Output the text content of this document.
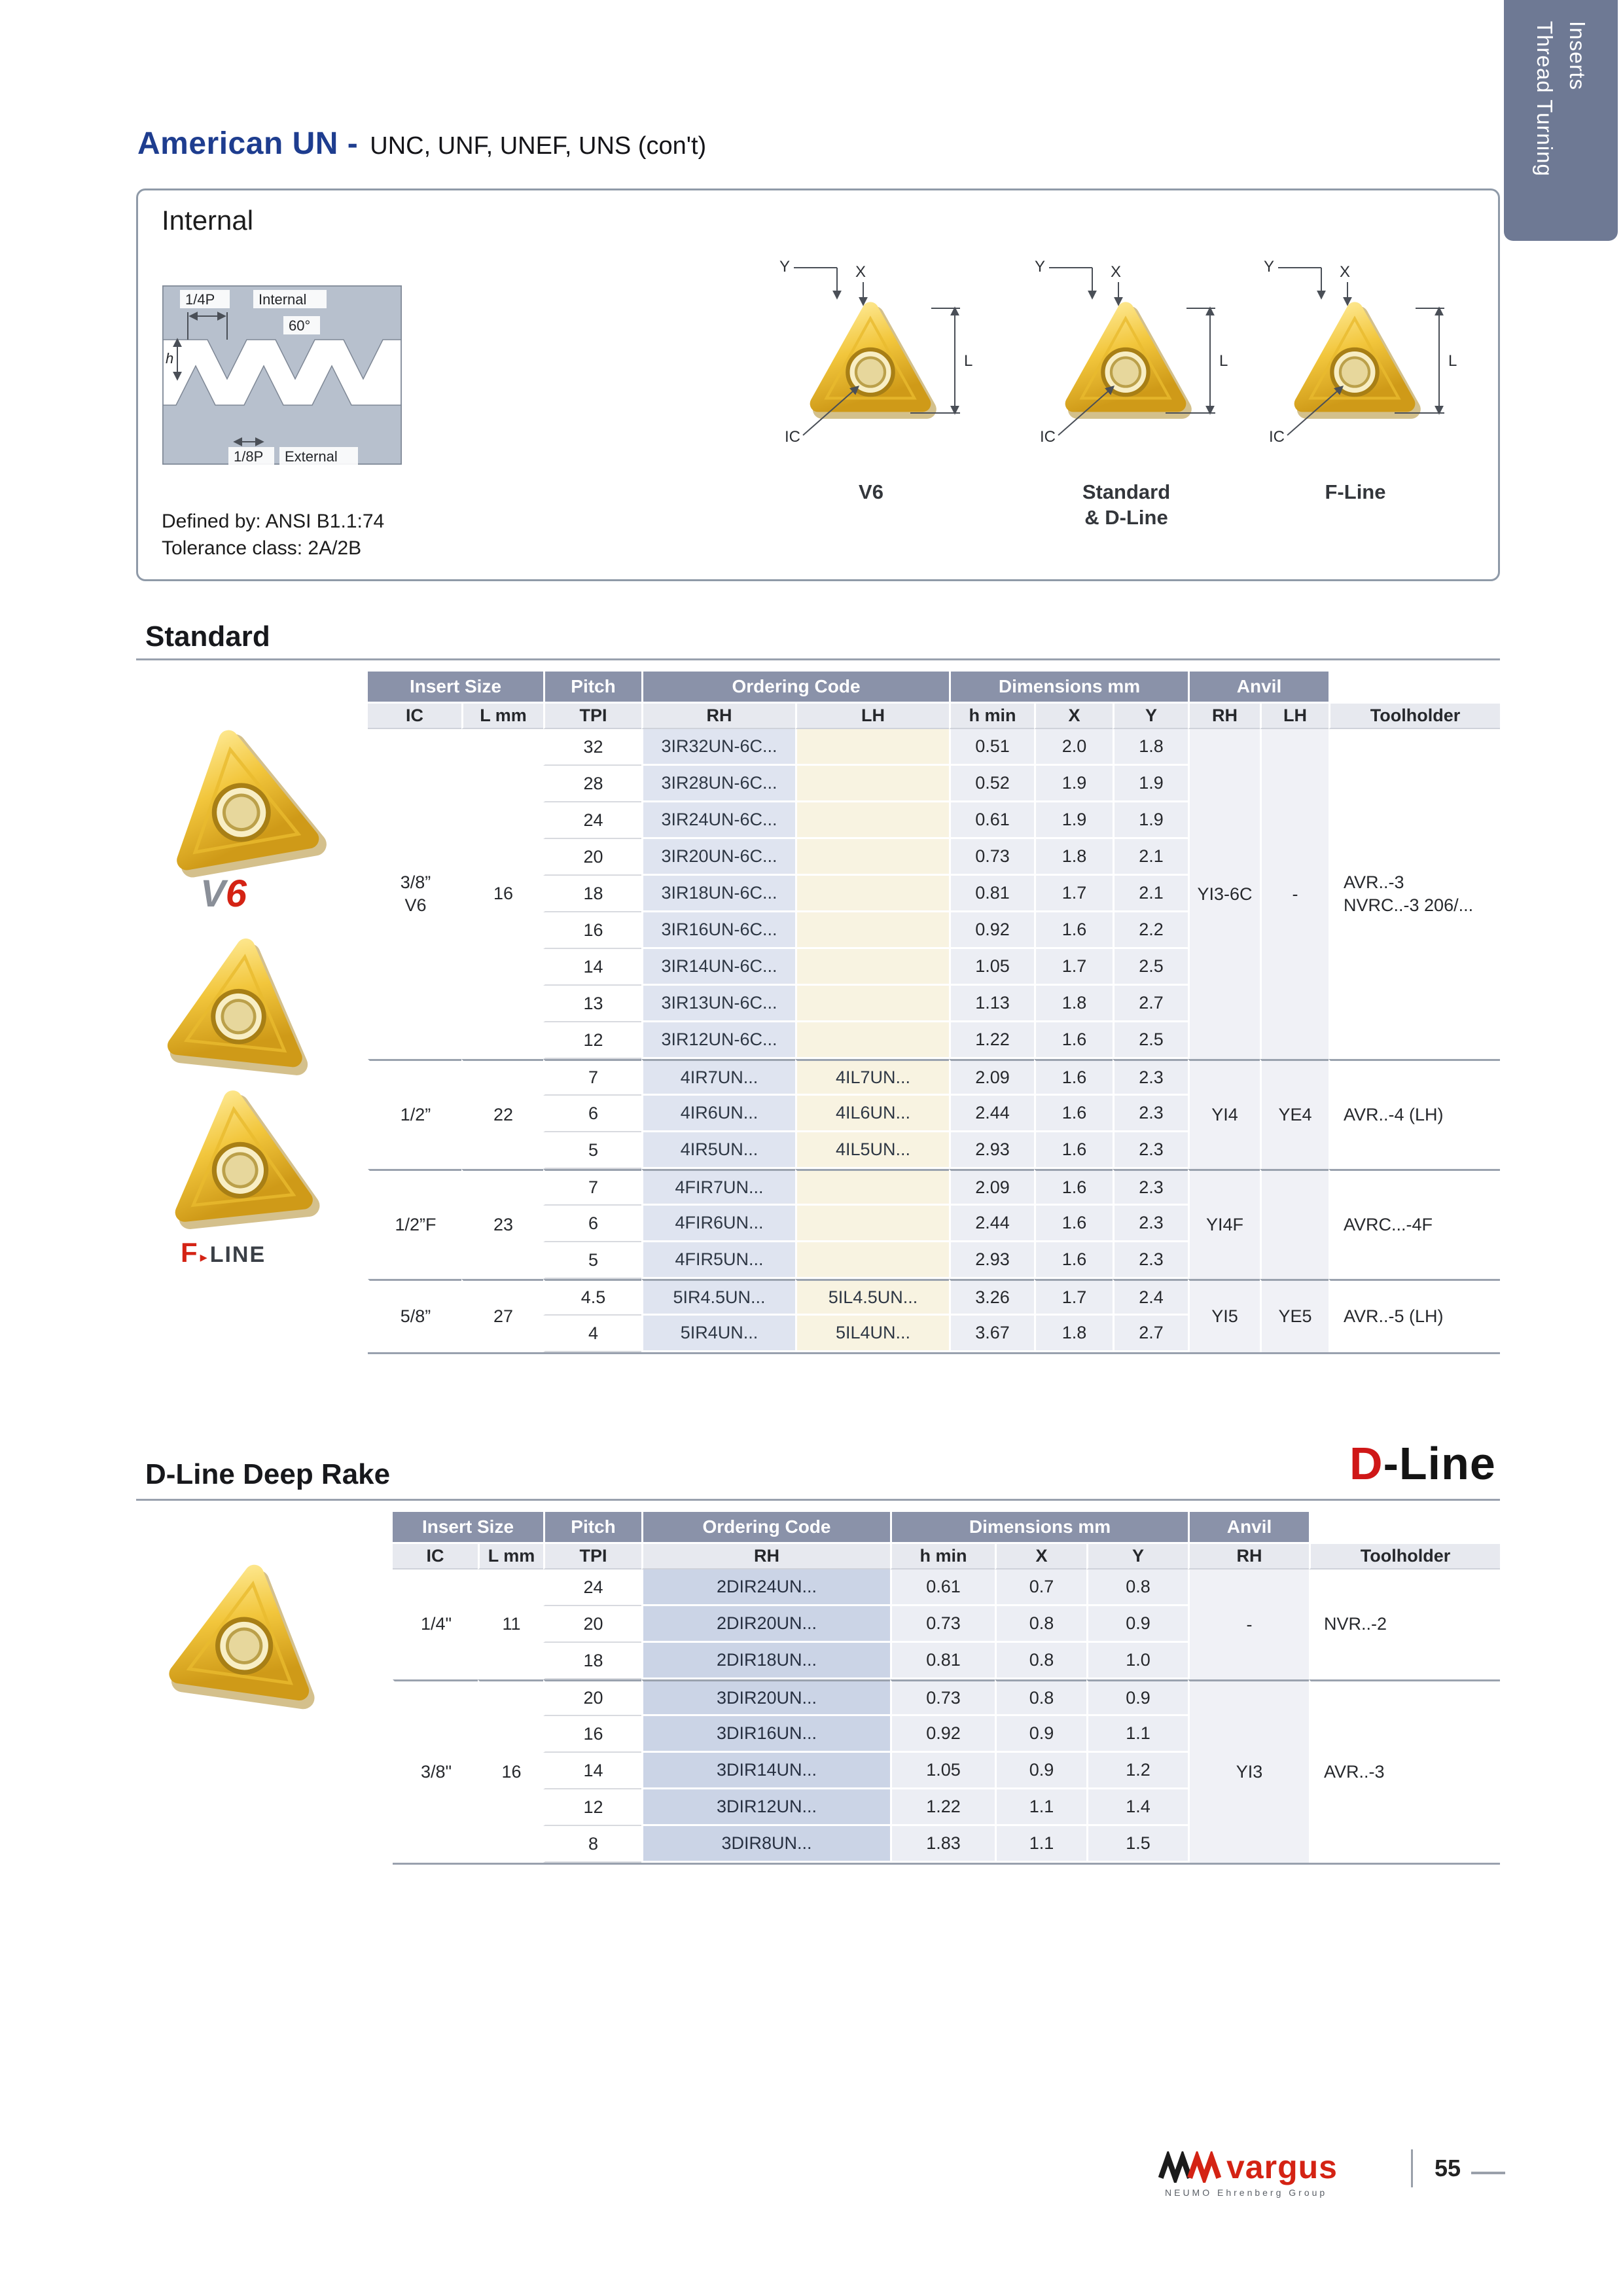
Thread Turning Inserts
American UN - UNC, UNF, UNEF, UNS (con't)
Internal
1/4P	Internal
60°
h
1/8P External
Defined by: ANSI B1.1:74
Tolerance class: 2A/2B
Y	X
L
IC
V6
Y	X
L
IC
Standard
& D-Line
Y	X
L
IC
F-Line
Standard
V6
F ▸ LINE
Insert Size		Pitch	Ordering Code		Dimensions mm			Anvil		
IC	L mm	TPI	RH	LH	h min	X	Y	RH	LH	Toolholder
3/8”
V6	16	32	3IR32UN-6C...		0.51	2.0	1.8	YI3-6C	-	AVR..-3
NVRC..-3 206/...
		28	3IR28UN-6C...		0.52	1.9	1.9			
		24	3IR24UN-6C...		0.61	1.9	1.9			
		20	3IR20UN-6C...		0.73	1.8	2.1			
		18	3IR18UN-6C...		0.81	1.7	2.1			
		16	3IR16UN-6C...		0.92	1.6	2.2			
		14	3IR14UN-6C...		1.05	1.7	2.5			
		13	3IR13UN-6C...		1.13	1.8	2.7			
		12	3IR12UN-6C...		1.22	1.6	2.5			
1/2”	22	7	4IR7UN...	4IL7UN...	2.09	1.6	2.3	YI4	YE4	AVR..-4 (LH)
		6	4IR6UN...	4IL6UN...	2.44	1.6	2.3			
		5	4IR5UN...	4IL5UN...	2.93	1.6	2.3			
1/2”F	23	7	4FIR7UN...		2.09	1.6	2.3	YI4F		AVRC...-4F
		6	4FIR6UN...		2.44	1.6	2.3			
		5	4FIR5UN...		2.93	1.6	2.3			
5/8”	27	4.5	5IR4.5UN...	5IL4.5UN...	3.26	1.7	2.4	YI5	YE5	AVR..-5 (LH)
		4	5IR4UN...	5IL4UN...	3.67	1.8	2.7			
D-Line Deep Rake	D-Line
Insert Size		Pitch	Ordering Code	Dimensions mm			Anvil	
IC	L mm	TPI	RH	h min	X	Y	RH	Toolholder
1/4"	11	24	2DIR24UN...	0.61	0.7	0.8	-	NVR..-2
		20	2DIR20UN...	0.73	0.8	0.9		
		18	2DIR18UN...	0.81	0.8	1.0		
3/8"	16	20	3DIR20UN...	0.73	0.8	0.9	YI3	AVR..-3
		16	3DIR16UN...	0.92	0.9	1.1		
		14	3DIR14UN...	1.05	0.9	1.2		
		12	3DIR12UN...	1.22	1.1	1.4		
		8	3DIR8UN...	1.83	1.1	1.5		
vargus
NEUMO Ehrenberg Group
55
